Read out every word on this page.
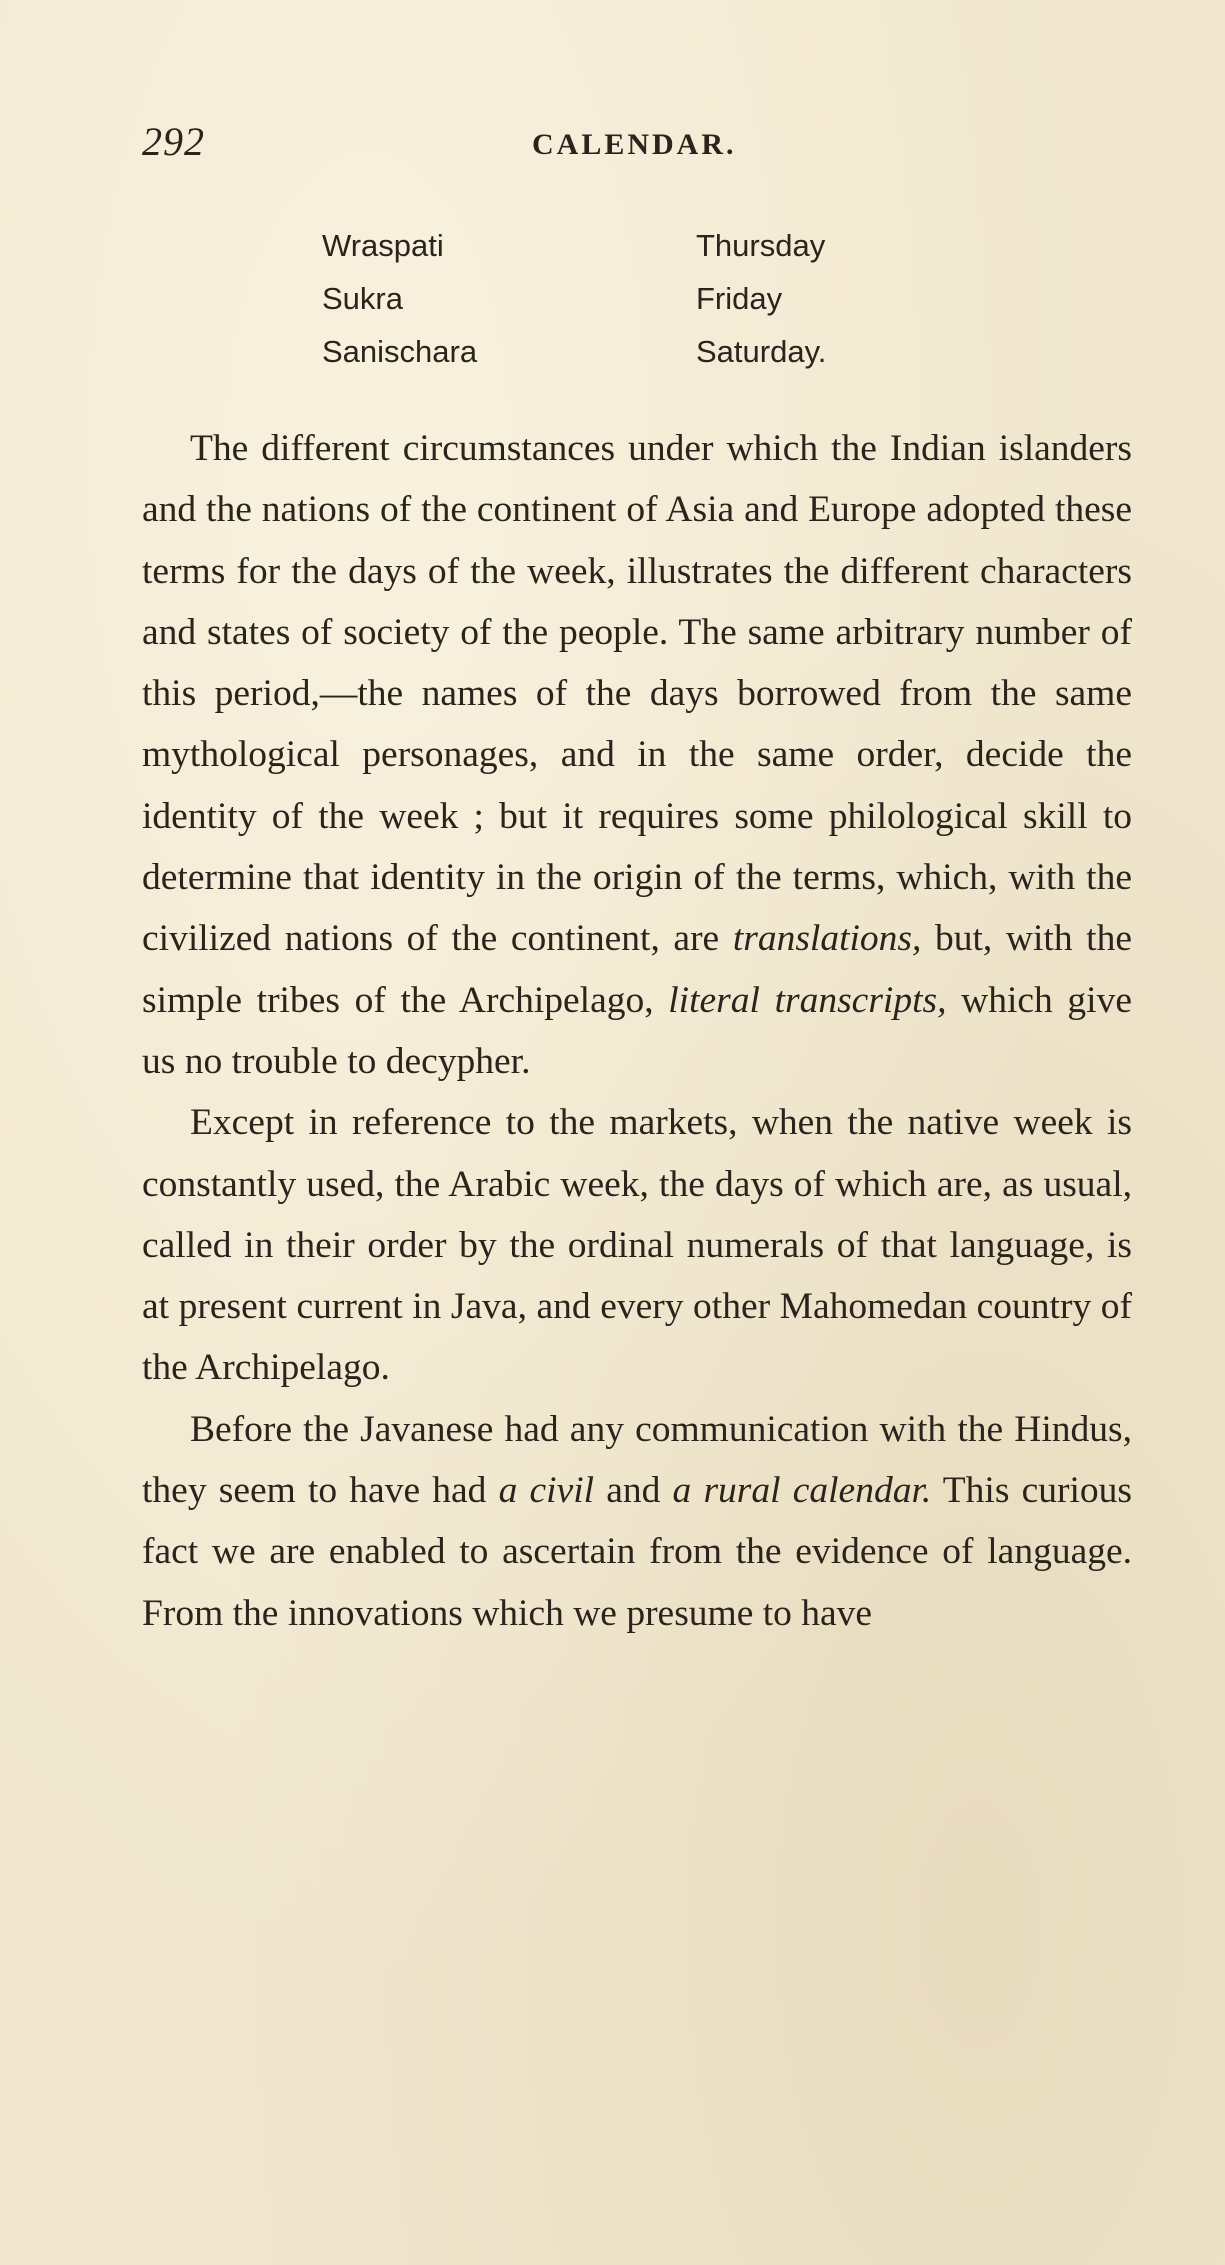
292	CALENDAR.
Wraspati	Thursday
Sukra	Friday
Sanischara	Saturday.

The different circumstances under which the Indian islanders and the nations of the continent of Asia and Europe adopted these terms for the days of the week, illustrates the different characters and states of society of the people. The same arbitrary number of this period,—the names of the days borrowed from the same mythological personages, and in the same order, decide the identity of the week ; but it requires some philological skill to determine that identity in the origin of the terms, which, with the civilized nations of the continent, are translations, but, with the simple tribes of the Archipelago, literal transcripts, which give us no trouble to decypher.

Except in reference to the markets, when the native week is constantly used, the Arabic week, the days of which are, as usual, called in their order by the ordinal numerals of that language, is at present current in Java, and every other Mahomedan country of the Archipelago.

Before the Javanese had any communication with the Hindus, they seem to have had a civil and a rural calendar. This curious fact we are enabled to ascertain from the evidence of language. From the innovations which we presume to have
